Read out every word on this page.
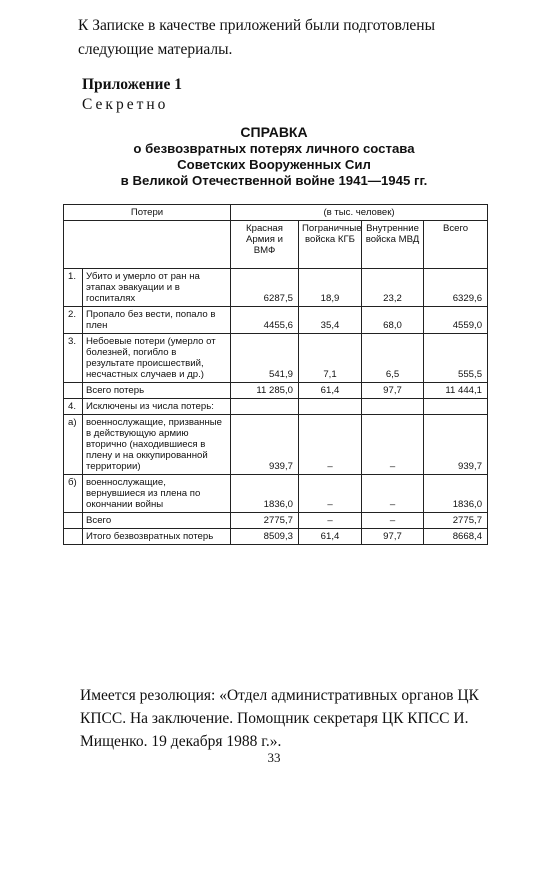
К Записке в качестве приложений были подготовлены следующие материалы.
Приложение 1
Секретно
СПРАВКА
о безвозвратных потерях личного состава
Советских Вооруженных Сил
в Великой Отечественной войне 1941—1945 гг.
Потери		(в тыс. человек)			
		Красная Армия и ВМФ	Пограничные войска КГБ	Внутренние войска МВД	Всего
1.	Убито и умерло от ран на этапах эвакуации и в госпиталях	6287,5	18,9	23,2	6329,6
2.	Пропало без вести, попало в плен	4455,6	35,4	68,0	4559,0
3.	Небоевые потери (умерло от болезней, погибло в результате происшествий, несчастных случаев и др.)	541,9	7,1	6,5	555,5
	Всего потерь	11 285,0	61,4	97,7	11 444,1
4.	Исключены из числа потерь:				
а)	военнослужащие, призванные в действующую армию вторично (находившиеся в плену и на оккупированной территории)	939,7	–	–	939,7
б)	военнослужащие, вернувшиеся из плена по окончании войны	1836,0	–	–	1836,0
	Всего	2775,7	–	–	2775,7
	Итого безвозвратных потерь	8509,3	61,4	97,7	8668,4
Имеется резолюция: «Отдел административных органов ЦК КПСС. На заключение. Помощник секретаря ЦК КПСС И. Мищенко. 19 декабря 1988 г.».
33
